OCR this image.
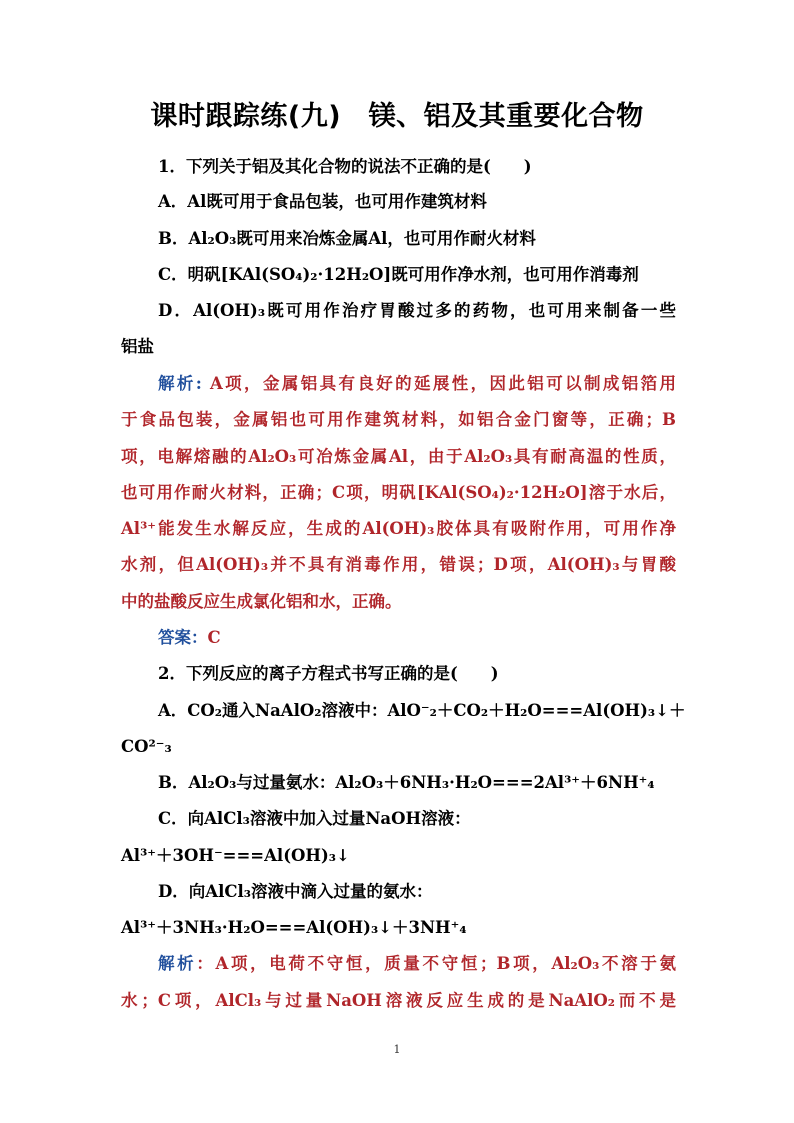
课时跟踪练(九)　镁、铝及其重要化合物
1．下列关于铝及其化合物的说法不正确的是(　　)
A．Al既可用于食品包装，也可用作建筑材料
B．Al₂O₃既可用来冶炼金属Al，也可用作耐火材料
C．明矾[KAl(SO₄)₂·12H₂O]既可用作净水剂，也可用作消毒剂
D．Al(OH)₃既可用作治疗胃酸过多的药物，也可用来制备一些
铝盐
解析: A项，金属铝具有良好的延展性，因此铝可以制成铝箔用
于食品包装，金属铝也可用作建筑材料，如铝合金门窗等，正确；B
项，电解熔融的Al₂O₃可冶炼金属Al，由于Al₂O₃具有耐高温的性质，
也可用作耐火材料，正确；C项，明矾[KAl(SO₄)₂·12H₂O]溶于水后，
Al³⁺能发生水解反应，生成的Al(OH)₃胶体具有吸附作用，可用作净
水剂，但Al(OH)₃并不具有消毒作用，错误；D项，Al(OH)₃与胃酸
中的盐酸反应生成氯化铝和水，正确。
答案：C
2．下列反应的离子方程式书写正确的是(　　)
A．CO₂通入NaAlO₂溶液中：AlO⁻₂＋CO₂＋H₂O===Al(OH)₃↓＋
CO²⁻₃
B．Al₂O₃与过量氨水：Al₂O₃＋6NH₃·H₂O===2Al³⁺＋6NH⁺₄
C．向AlCl₃溶液中加入过量NaOH溶液：
Al³⁺＋3OH⁻===Al(OH)₃↓
D．向AlCl₃溶液中滴入过量的氨水：
Al³⁺＋3NH₃·H₂O===Al(OH)₃↓＋3NH⁺₄
解析：A项，电荷不守恒，质量不守恒；B项，Al₂O₃不溶于氨
水；C项，AlCl₃与过量NaOH溶液反应生成的是NaAlO₂而不是
1
